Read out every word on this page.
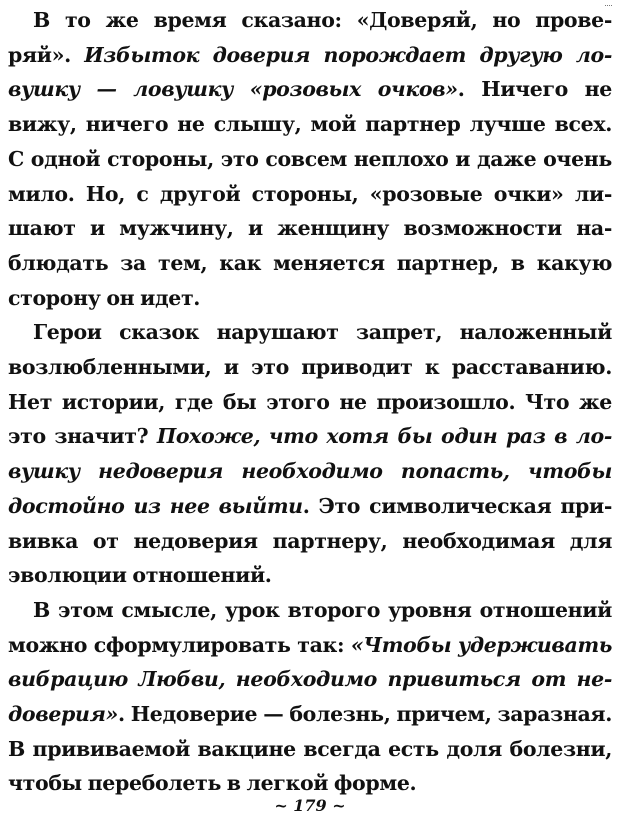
В то же время сказано: «Доверяй, но прове-
ряй». Избыток доверия порождает другую ло-
вушку — ловушку «розовых очков». Ничего не
вижу, ничего не слышу, мой партнер лучше всех.
С одной стороны, это совсем неплохо и даже очень
мило. Но, с другой стороны, «розовые очки» ли-
шают и мужчину, и женщину возможности на-
блюдать за тем, как меняется партнер, в какую
сторону он идет.
Герои сказок нарушают запрет, наложенный
возлюбленными, и это приводит к расставанию.
Нет истории, где бы этого не произошло. Что же
это значит? Похоже, что хотя бы один раз в ло-
вушку недоверия необходимо попасть, чтобы
достойно из нее выйти. Это символическая при-
вивка от недоверия партнеру, необходимая для
эволюции отношений.
В этом смысле, урок второго уровня отношений
можно сформулировать так: «Чтобы удерживать
вибрацию Любви, необходимо привиться от не-
доверия». Недоверие — болезнь, причем, заразная.
В прививаемой вакцине всегда есть доля болезни,
чтобы переболеть в легкой форме.
~ 179 ~
